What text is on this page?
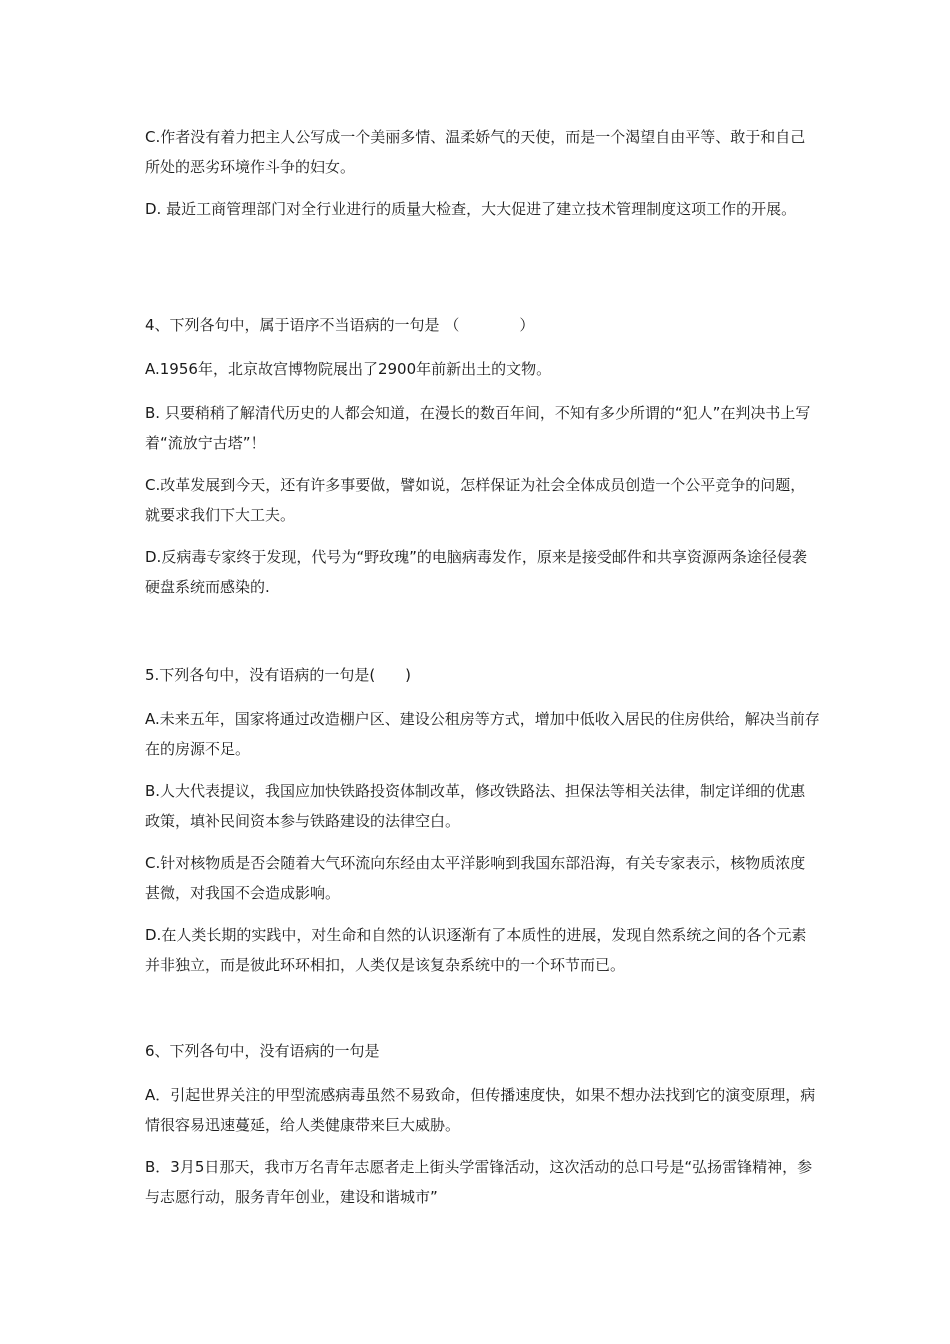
C.作者没有着力把主人公写成一个美丽多情、温柔娇气的天使，而是一个渴望自由平等、敢于和自己所处的恶劣环境作斗争的妇女。

D. 最近工商管理部门对全行业进行的质量大检查，大大促进了建立技术管理制度这项工作的开展。

4、下列各句中，属于语序不当语病的一句是 （　　　　）

A.1956年，北京故宫博物院展出了2900年前新出土的文物。

B. 只要稍稍了解清代历史的人都会知道，在漫长的数百年间，不知有多少所谓的“犯人”在判决书上写着“流放宁古塔”！

C.改革发展到今天，还有许多事要做，譬如说，怎样保证为社会全体成员创造一个公平竞争的问题，就要求我们下大工夫。

D.反病毒专家终于发现，代号为“野玫瑰”的电脑病毒发作，原来是接受邮件和共享资源两条途径侵袭硬盘系统而感染的.

5.下列各句中，没有语病的一句是(　　)

A.未来五年，国家将通过改造棚户区、建设公租房等方式，增加中低收入居民的住房供给，解决当前存在的房源不足。

B.人大代表提议，我国应加快铁路投资体制改革，修改铁路法、担保法等相关法律，制定详细的优惠政策，填补民间资本参与铁路建设的法律空白。

C.针对核物质是否会随着大气环流向东经由太平洋影响到我国东部沿海，有关专家表示，核物质浓度甚微，对我国不会造成影响。

D.在人类长期的实践中，对生命和自然的认识逐渐有了本质性的进展，发现自然系统之间的各个元素并非独立，而是彼此环环相扣，人类仅是该复杂系统中的一个环节而已。

6、下列各句中，没有语病的一句是

A．引起世界关注的甲型流感病毒虽然不易致命，但传播速度快，如果不想办法找到它的演变原理，病情很容易迅速蔓延，给人类健康带来巨大威胁。

B．3月5日那天，我市万名青年志愿者走上街头学雷锋活动，这次活动的总口号是“弘扬雷锋精神，参与志愿行动，服务青年创业，建设和谐城市”
